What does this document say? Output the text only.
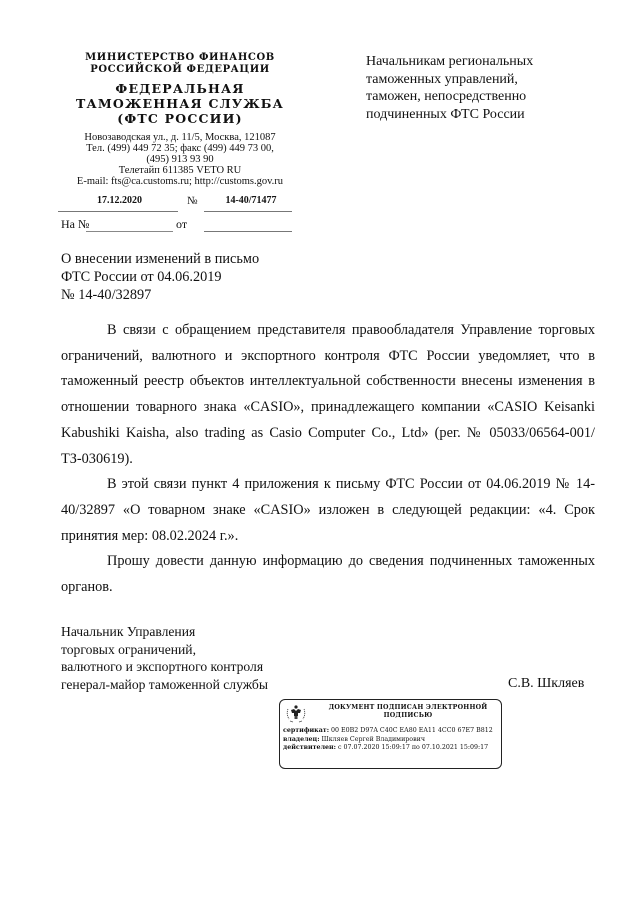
МИНИСТЕРСТВО ФИНАНСОВ
РОССИЙСКОЙ ФЕДЕРАЦИИ
ФЕДЕРАЛЬНАЯ
ТАМОЖЕННАЯ СЛУЖБА
(ФТС РОССИИ)
Новозаводская ул., д. 11/5, Москва, 121087
Тел. (499) 449 72 35; факс (499) 449 73 00,
(495) 913 93 90
Телетайп 611385 VETO RU
E-mail: fts@ca.customs.ru; http://customs.gov.ru
17.12.2020	№	14-40/71477
На №	от
Начальникам региональных
таможенных управлений,
таможен, непосредственно
подчиненных ФТС России
О внесении изменений в письмо
ФТС России от 04.06.2019
№ 14-40/32897

В связи с обращением представителя правообладателя Управление торговых ограничений, валютного и экспортного контроля ФТС России уведомляет, что в таможенный реестр объектов интеллектуальной собственности внесены изменения в отношении товарного знака «CASIO», принадлежащего компании «CASIO Keisanki Kabushiki Kaisha, also trading as Casio Computer Co., Ltd» (рег. № 05033/06564-001/ТЗ-030619).

В этой связи пункт 4 приложения к письму ФТС России от 04.06.2019 № 14-40/32897 «О товарном знаке «CASIO» изложен в следующей редакции: «4. Срок принятия мер: 08.02.2024 г.».

Прошу довести данную информацию до сведения подчиненных таможенных органов.

Начальник Управления
торговых ограничений,
валютного и экспортного контроля
генерал-майор таможенной службы	С.В. Шкляев
ДОКУМЕНТ ПОДПИСАН ЭЛЕКТРОННОЙ
ПОДПИСЬЮ
сертификат: 00 E0B2 D97A C40C EA80 EA11 4CC0 67E7 B812
владелец: Шкляев Сергей Владимирович
действителен: с 07.07.2020 15:09:17 по 07.10.2021 15:09:17
